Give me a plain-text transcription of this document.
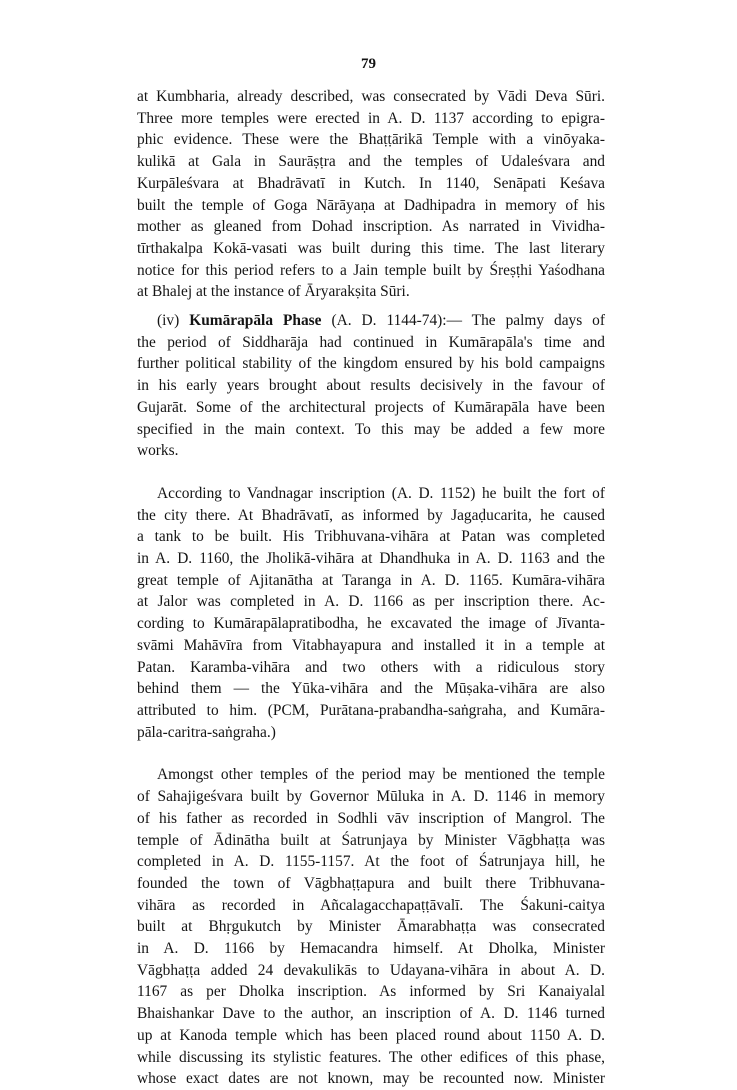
79
at Kumbharia, already described, was consecrated by Vādi Deva Sūri.
Three more temples were erected in A. D. 1137 according to epigra-
phic evidence. These were the Bhaṭṭārikā Temple with a vinōyaka-
kulikā at Gala in Saurāṣṭra and the temples of Udaleśvara and
Kurpāleśvara at Bhadrāvatī in Kutch. In 1140, Senāpati Keśava
built the temple of Goga Nārāyaṇa at Dadhipadra in memory of his
mother as gleaned from Dohad inscription. As narrated in Vividha-
tīrthakalpa Kokā-vasati was built during this time. The last literary
notice for this period refers to a Jain temple built by Śreṣṭhi Yaśodhana
at Bhalej at the instance of Āryarakṣita Sūri.
(iv) Kumārapāla Phase (A. D. 1144-74):— The palmy days of
the period of Siddharāja had continued in Kumārapāla's time and
further political stability of the kingdom ensured by his bold campaigns
in his early years brought about results decisively in the favour of
Gujarāt. Some of the architectural projects of Kumārapāla have been
specified in the main context. To this may be added a few more
works.
According to Vandnagar inscription (A. D. 1152) he built the fort of
the city there. At Bhadrāvatī, as informed by Jagaḍucarita, he caused
a tank to be built. His Tribhuvana-vihāra at Patan was completed
in A. D. 1160, the Jholikā-vihāra at Dhandhuka in A. D. 1163 and the
great temple of Ajitanātha at Taranga in A. D. 1165. Kumāra-vihāra
at Jalor was completed in A. D. 1166 as per inscription there. Ac-
cording to Kumārapālapratibodha, he excavated the image of Jīvanta-
svāmi Mahāvīra from Vitabhayapura and installed it in a temple at
Patan. Karamba-vihāra and two others with a ridiculous story
behind them — the Yūka-vihāra and the Mūṣaka-vihāra are also
attributed to him. (PCM, Purātana-prabandha-saṅgraha, and Kumāra-
pāla-caritra-saṅgraha.)
Amongst other temples of the period may be mentioned the temple
of Sahajigeśvara built by Governor Mūluka in A. D. 1146 in memory
of his father as recorded in Sodhli vāv inscription of Mangrol. The
temple of Ādinātha built at Śatrunjaya by Minister Vāgbhaṭṭa was
completed in A. D. 1155-1157. At the foot of Śatrunjaya hill, he
founded the town of Vāgbhaṭṭapura and built there Tribhuvana-
vihāra as recorded in Añcalagacchapaṭṭāvalī. The Śakuni-caitya
built at Bhṛgukutch by Minister Āmarabhaṭṭa was consecrated
in A. D. 1166 by Hemacandra himself. At Dholka, Minister
Vāgbhaṭṭa added 24 devakulikās to Udayana-vihāra in about A. D.
1167 as per Dholka inscription. As informed by Sri Kanaiyalal
Bhaishankar Dave to the author, an inscription of A. D. 1146 turned
up at Kanoda temple which has been placed round about 1150 A. D.
while discussing its stylistic features. The other edifices of this phase,
whose exact dates are not known, may be recounted now. Minister
